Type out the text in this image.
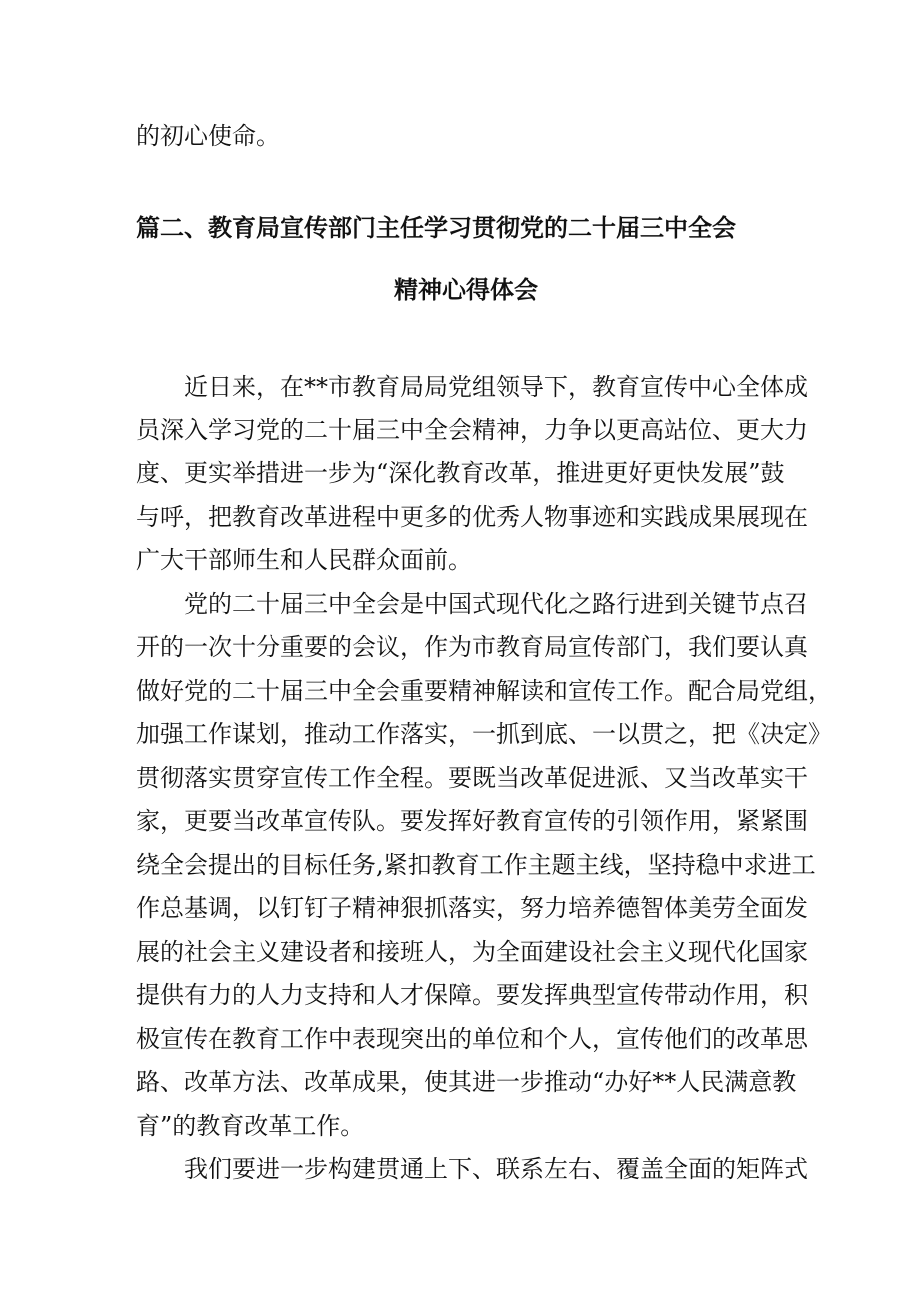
的初心使命。
篇二、教育局宣传部门主任学习贯彻党的二十届三中全会
精神心得体会
近日来，在**市教育局局党组领导下，教育宣传中心全体成
员深入学习党的二十届三中全会精神，力争以更高站位、更大力
度、更实举措进一步为“深化教育改革，推进更好更快发展”鼓
与呼，把教育改革进程中更多的优秀人物事迹和实践成果展现在
广大干部师生和人民群众面前。
党的二十届三中全会是中国式现代化之路行进到关键节点召
开的一次十分重要的会议，作为市教育局宣传部门，我们要认真
做好党的二十届三中全会重要精神解读和宣传工作。配合局党组，
加强工作谋划，推动工作落实，一抓到底、一以贯之，把《决定》
贯彻落实贯穿宣传工作全程。要既当改革促进派、又当改革实干
家，更要当改革宣传队。要发挥好教育宣传的引领作用，紧紧围
绕全会提出的目标任务,紧扣教育工作主题主线，坚持稳中求进工
作总基调，以钉钉子精神狠抓落实，努力培养德智体美劳全面发
展的社会主义建设者和接班人，为全面建设社会主义现代化国家
提供有力的人力支持和人才保障。要发挥典型宣传带动作用，积
极宣传在教育工作中表现突出的单位和个人，宣传他们的改革思
路、改革方法、改革成果，使其进一步推动“办好**人民满意教
育”的教育改革工作。
我们要进一步构建贯通上下、联系左右、覆盖全面的矩阵式
